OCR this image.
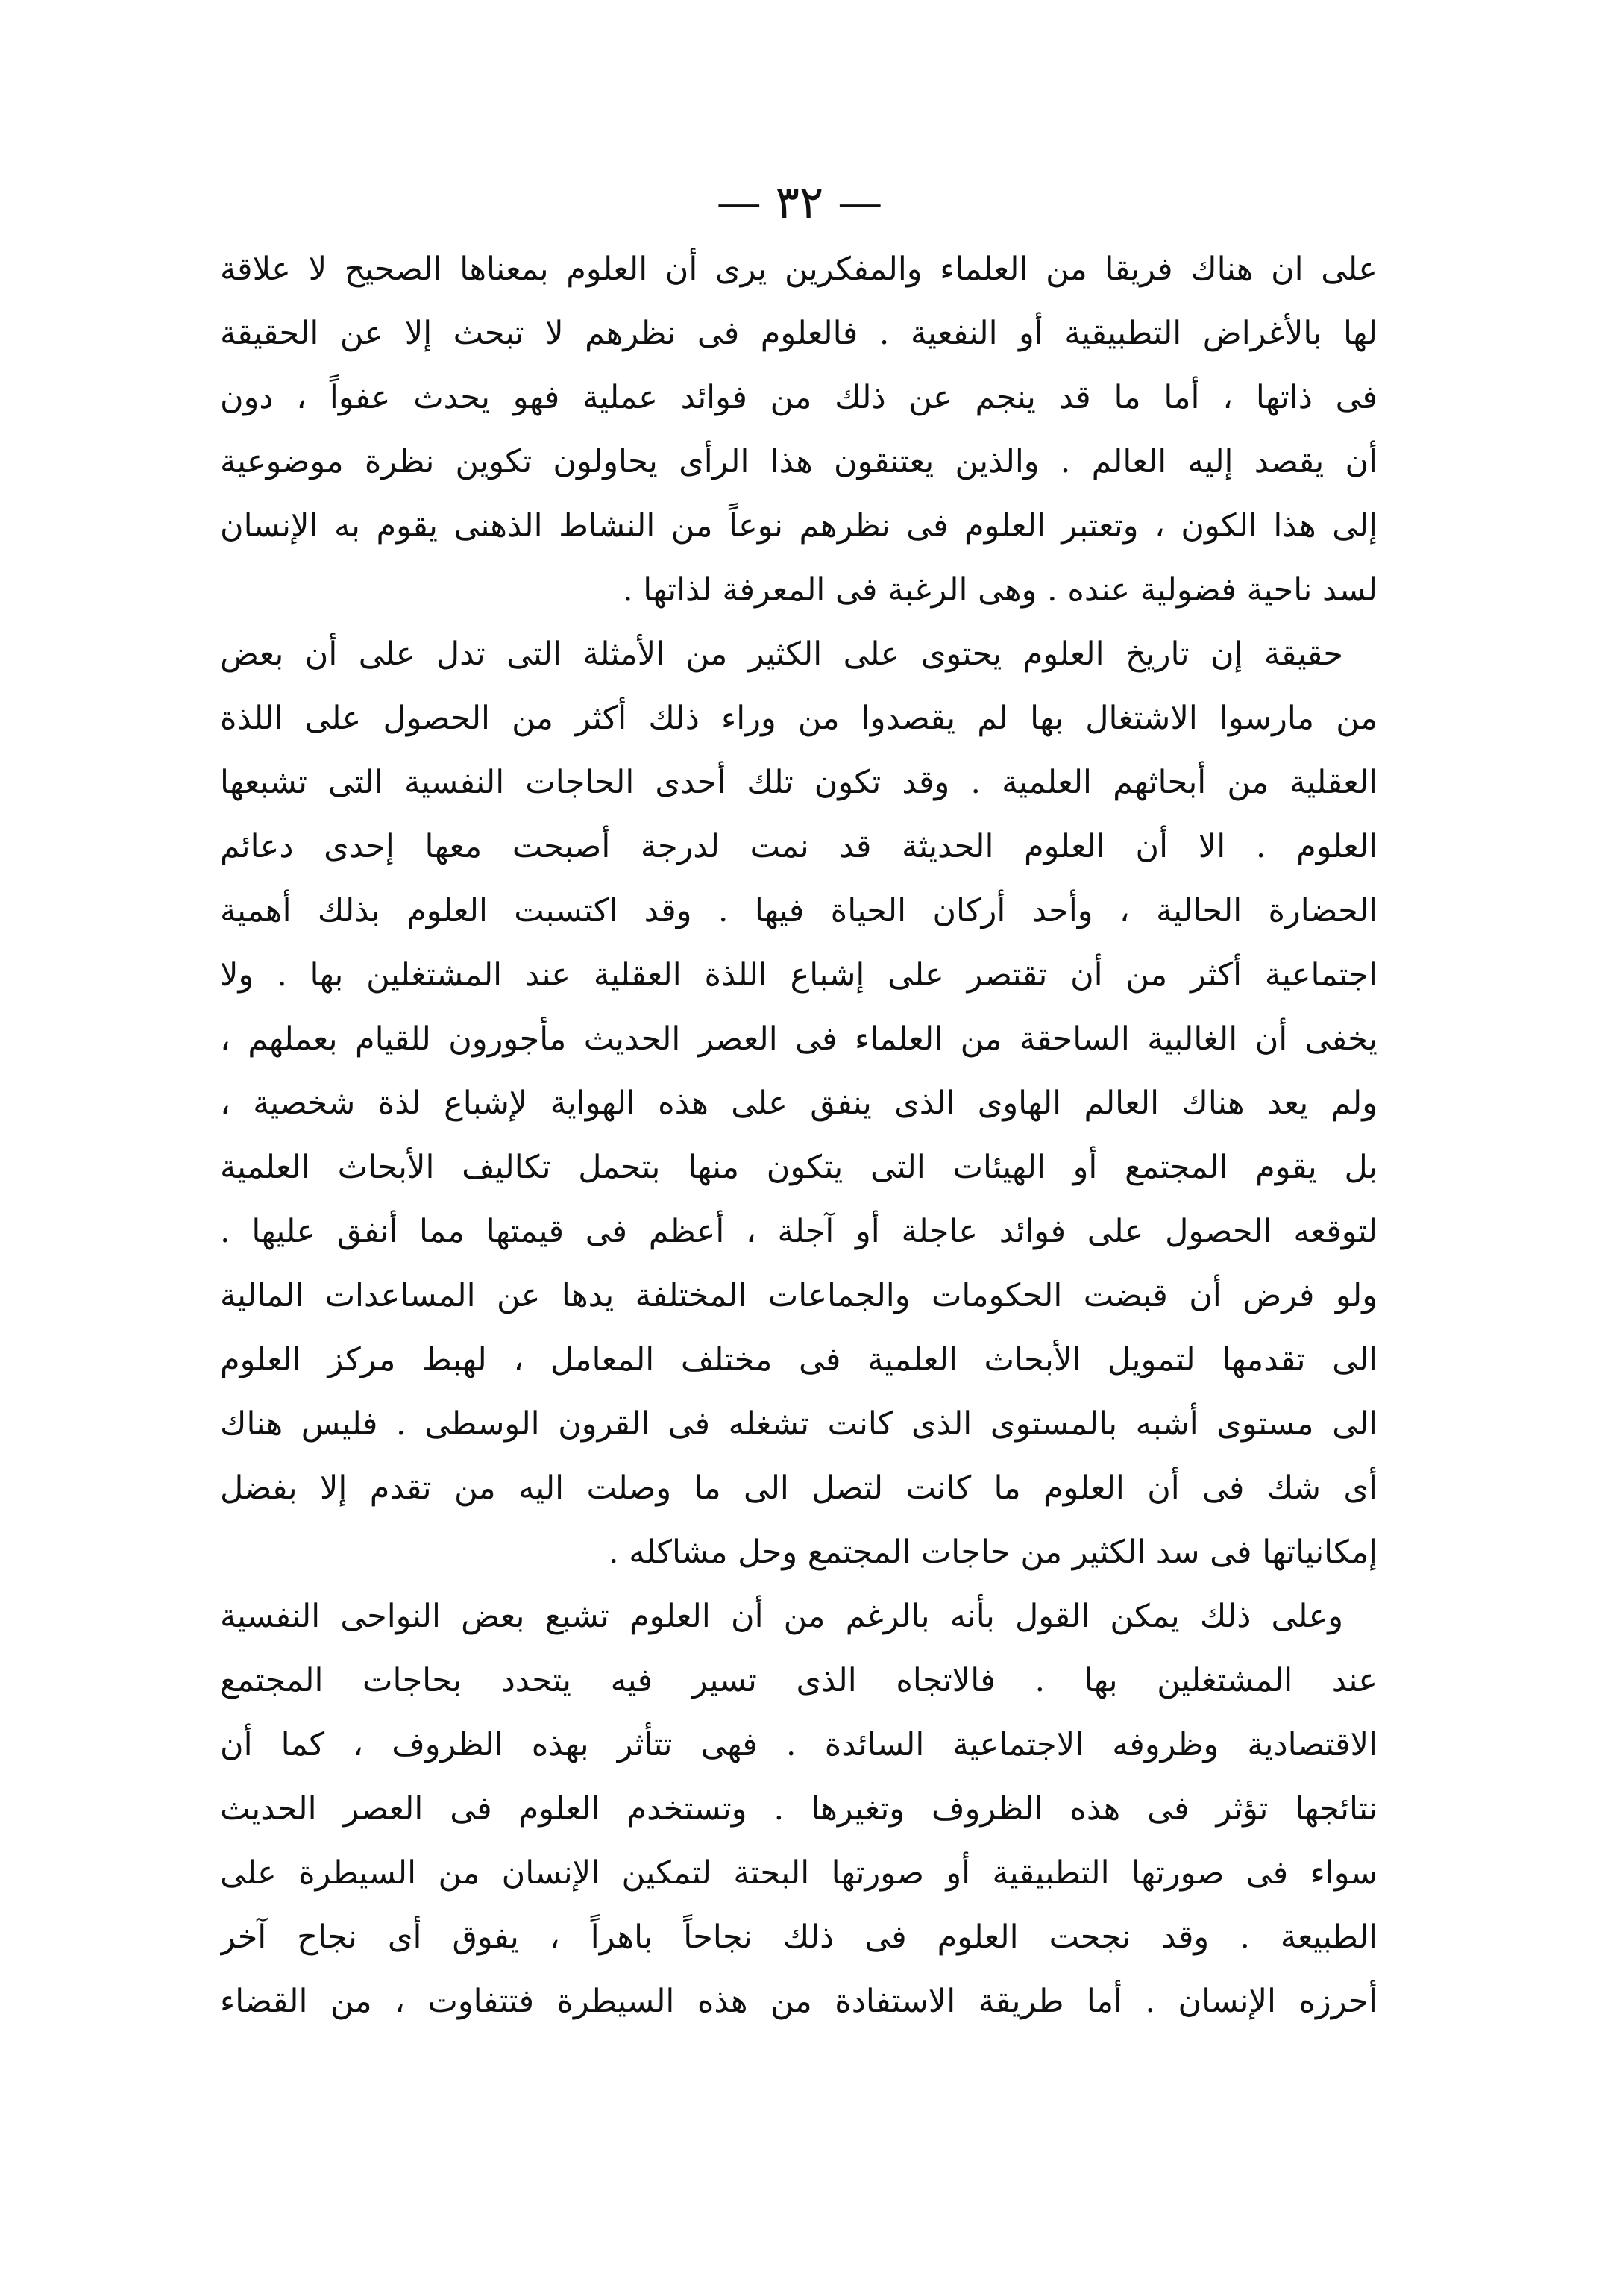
— ٣٢ —

على ان هناك فريقا من العلماء والمفكرين يرى أن العلوم بمعناها الصحيح لا علاقة

لها بالأغراض التطبيقية أو النفعية . فالعلوم فى نظرهم لا تبحث إلا عن الحقيقة

فى ذاتها ، أما ما قد ينجم عن ذلك من فوائد عملية فهو يحدث عفواً ، دون

أن يقصد إليه العالم . والذين يعتنقون هذا الرأى يحاولون تكوين نظرة موضوعية

إلى هذا الكون ، وتعتبر العلوم فى نظرهم نوعاً من النشاط الذهنى يقوم به الإنسان

لسد ناحية فضولية عنده . وهى الرغبة فى المعرفة لذاتها .

حقيقة إن تاريخ العلوم يحتوى على الكثير من الأمثلة التى تدل على أن بعض

من مارسوا الاشتغال بها لم يقصدوا من وراء ذلك أكثر من الحصول على اللذة

العقلية من أبحاثهم العلمية . وقد تكون تلك أحدى الحاجات النفسية التى تشبعها

العلوم . الا أن العلوم الحديثة قد نمت لدرجة أصبحت معها إحدى دعائم

الحضارة الحالية ، وأحد أركان الحياة فيها . وقد اكتسبت العلوم بذلك أهمية

اجتماعية أكثر من أن تقتصر على إشباع اللذة العقلية عند المشتغلين بها . ولا

يخفى أن الغالبية الساحقة من العلماء فى العصر الحديث مأجورون للقيام بعملهم ،

ولم يعد هناك العالم الهاوى الذى ينفق على هذه الهواية لإشباع لذة شخصية ،

بل يقوم المجتمع أو الهيئات التى يتكون منها بتحمل تكاليف الأبحاث العلمية

لتوقعه الحصول على فوائد عاجلة أو آجلة ، أعظم فى قيمتها مما أنفق عليها .

ولو فرض أن قبضت الحكومات والجماعات المختلفة يدها عن المساعدات المالية

الى تقدمها لتمويل الأبحاث العلمية فى مختلف المعامل ، لهبط مركز العلوم

الى مستوى أشبه بالمستوى الذى كانت تشغله فى القرون الوسطى . فليس هناك

أى شك فى أن العلوم ما كانت لتصل الى ما وصلت اليه من تقدم إلا بفضل

إمكانياتها فى سد الكثير من حاجات المجتمع وحل مشاكله .

وعلى ذلك يمكن القول بأنه بالرغم من أن العلوم تشبع بعض النواحى النفسية

عند المشتغلين بها . فالاتجاه الذى تسير فيه يتحدد بحاجات المجتمع

الاقتصادية وظروفه الاجتماعية السائدة . فهى تتأثر بهذه الظروف ، كما أن

نتائجها تؤثر فى هذه الظروف وتغيرها . وتستخدم العلوم فى العصر الحديث

سواء فى صورتها التطبيقية أو صورتها البحتة لتمكين الإنسان من السيطرة على

الطبيعة . وقد نجحت العلوم فى ذلك نجاحاً باهراً ، يفوق أى نجاح آخر

أحرزه الإنسان . أما طريقة الاستفادة من هذه السيطرة فتتفاوت ، من القضاء
